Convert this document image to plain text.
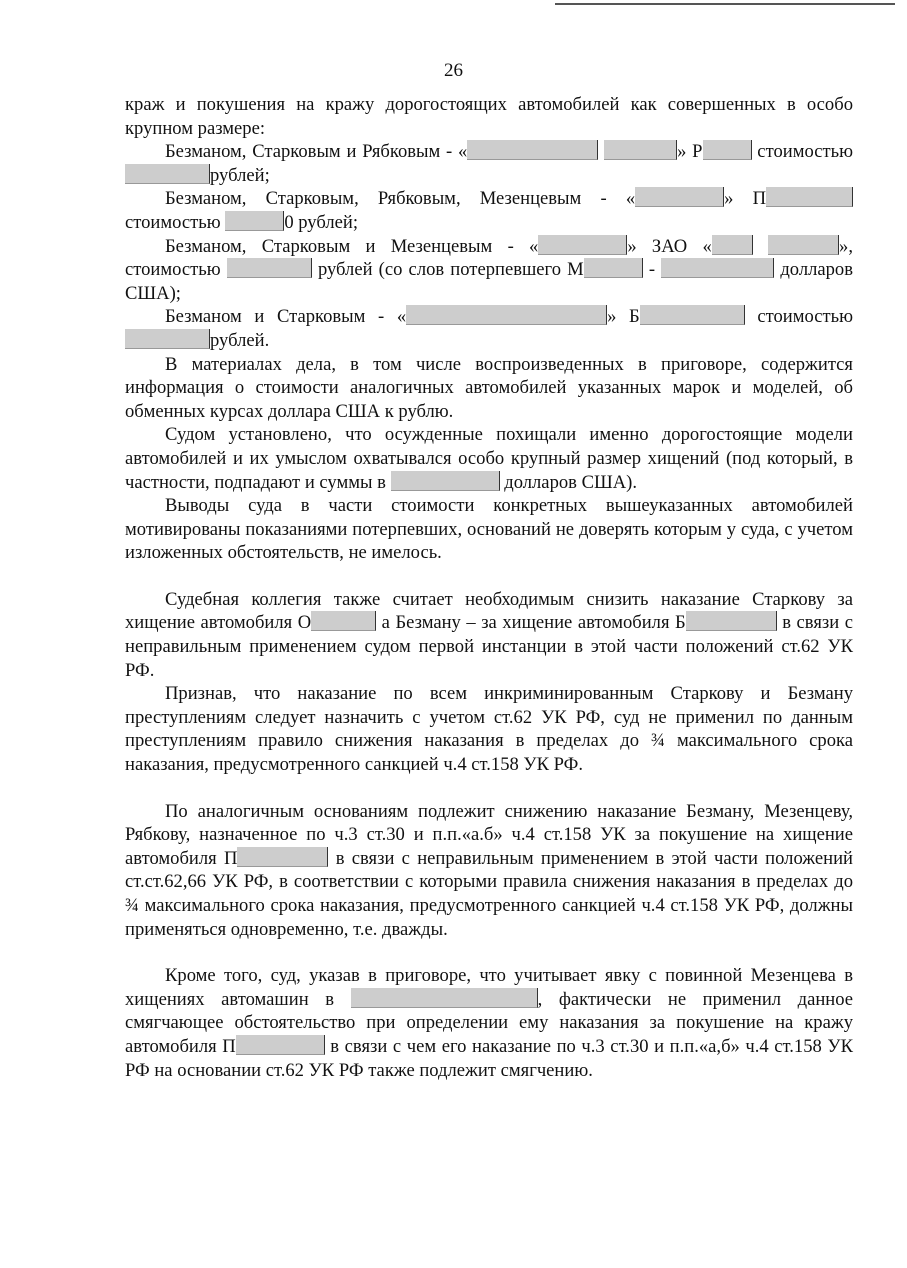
26

краж и покушения на кражу дорогостоящих автомобилей как совершенных в особо крупном размере:

Безманом, Старковым и Рябковым - «	» Р	стоимостью рублей;

Безманом, Старковым, Рябковым, Мезенцевым - «	» П стоимостью	0 рублей;

Безманом, Старковым и Мезенцевым - «	» ЗАО «	», стоимостью	рублей (со слов потерпевшего М	-	долларов США);

Безманом и Старковым - «	» Б	стоимостью рублей.

В материалах дела, в том числе воспроизведенных в приговоре, содержится информация о стоимости аналогичных автомобилей указанных марок и моделей, об обменных курсах доллара США к рублю.

Судом установлено, что осужденные похищали именно дорогостоящие модели автомобилей и их умыслом охватывался особо крупный размер хищений (под который, в частности, подпадают и суммы в	долларов США).

Выводы суда в части стоимости конкретных вышеуказанных автомобилей мотивированы показаниями потерпевших, оснований не доверять которым у суда, с учетом изложенных обстоятельств, не имелось.

Судебная коллегия также считает необходимым снизить наказание Старкову за хищение автомобиля О	а Безману – за хищение автомобиля Б	в связи с неправильным применением судом первой инстанции в этой части положений ст.62 УК РФ.

Признав, что наказание по всем инкриминированным Старкову и Безману преступлениям следует назначить с учетом ст.62 УК РФ, суд не применил по данным преступлениям правило снижения наказания в пределах до ¾ максимального срока наказания, предусмотренного санкцией ч.4 ст.158 УК РФ.

По аналогичным основаниям подлежит снижению наказание Безману, Мезенцеву, Рябкову, назначенное по ч.3 ст.30 и п.п.«а.б» ч.4 ст.158 УК за покушение на хищение автомобиля П	в связи с неправильным применением в этой части положений ст.ст.62,66 УК РФ, в соответствии с которыми правила снижения наказания в пределах до ¾ максимального срока наказания, предусмотренного санкцией ч.4 ст.158 УК РФ, должны применяться одновременно, т.е. дважды.

Кроме того, суд, указав в приговоре, что учитывает явку с повинной Мезенцева в хищениях автомашин в	, фактически не применил данное смягчающее обстоятельство при определении ему наказания за покушение на кражу автомобиля П	в связи с чем его наказание по ч.3 ст.30 и п.п.«а,б» ч.4 ст.158 УК РФ на основании ст.62 УК РФ также подлежит смягчению.
